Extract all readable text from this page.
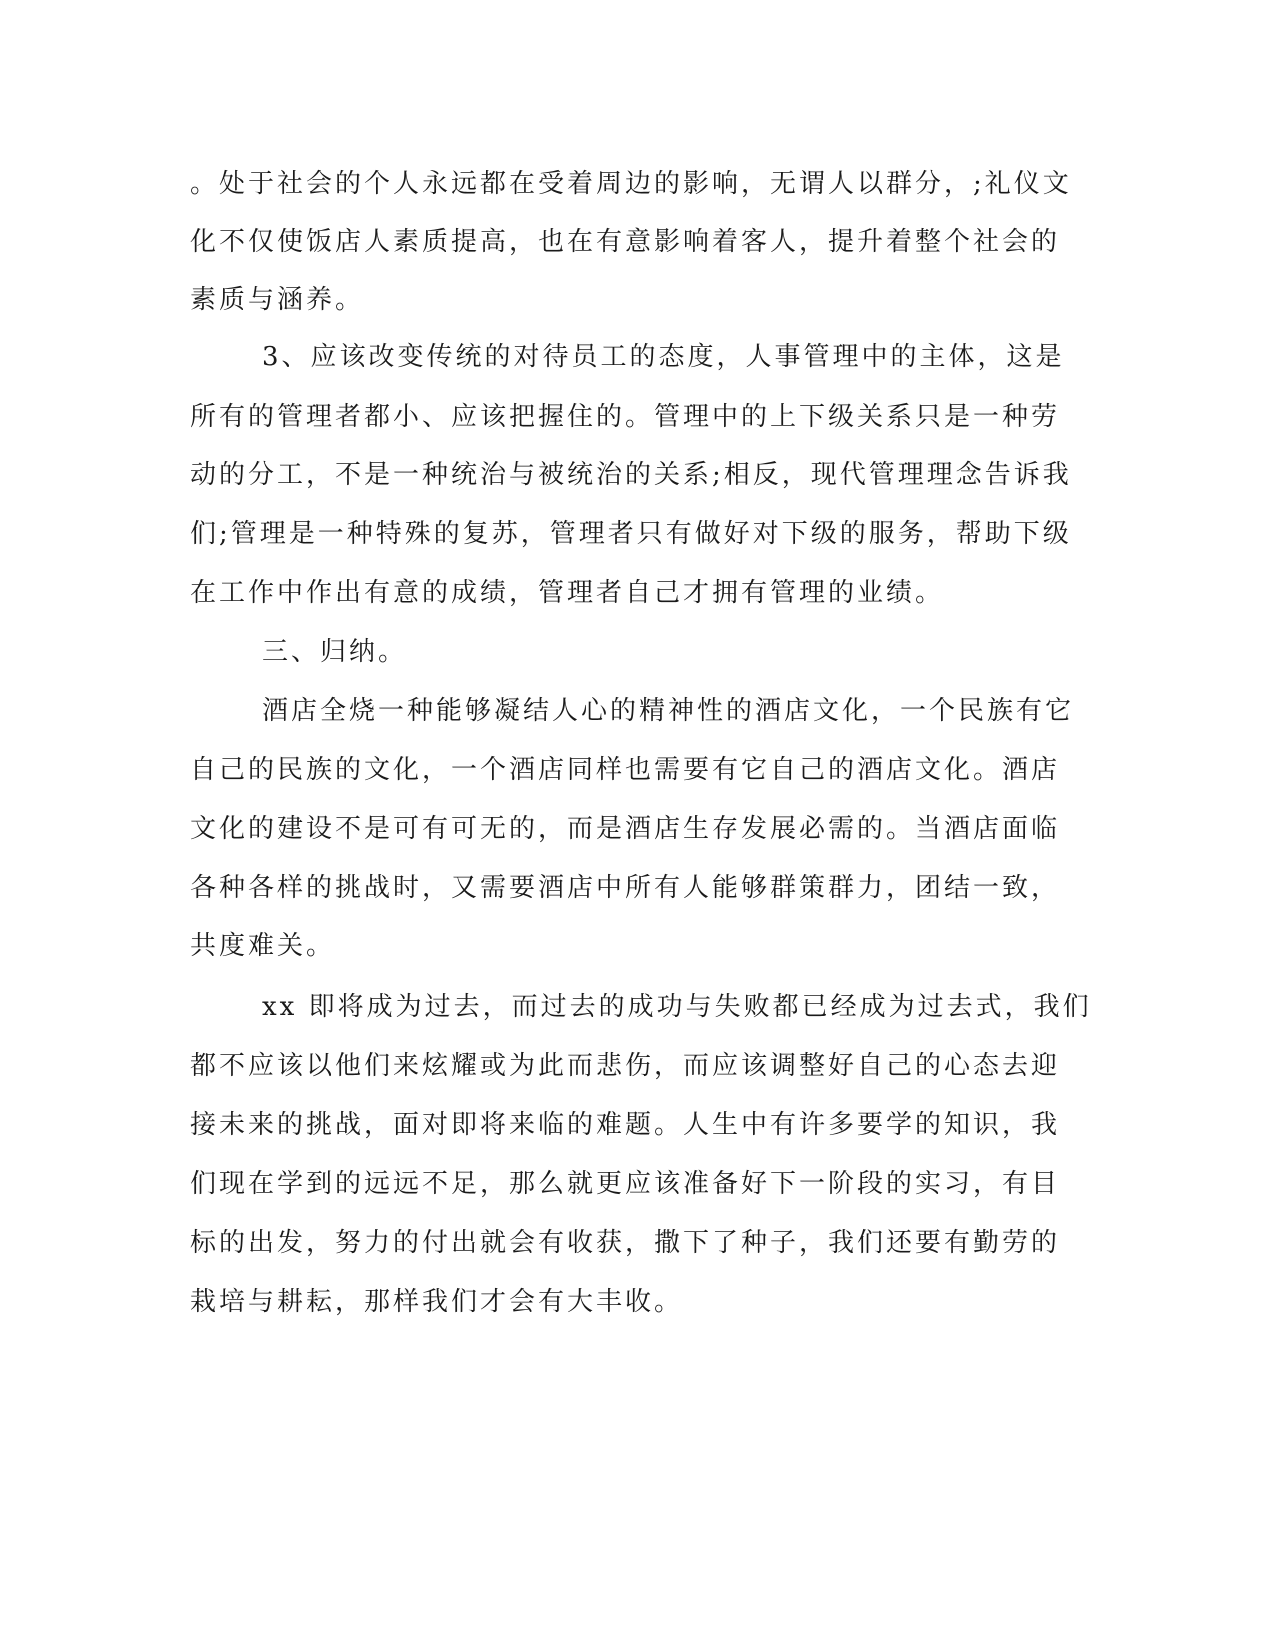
。处于社会的个人永远都在受着周边的影响，无谓人以群分，;礼仪文
化不仅使饭店人素质提高，也在有意影响着客人，提升着整个社会的
素质与涵养。
3、应该改变传统的对待员工的态度，人事管理中的主体，这是
所有的管理者都小、应该把握住的。管理中的上下级关系只是一种劳
动的分工，不是一种统治与被统治的关系;相反，现代管理理念告诉我
们;管理是一种特殊的复苏，管理者只有做好对下级的服务，帮助下级
在工作中作出有意的成绩，管理者自己才拥有管理的业绩。
三、归纳。
酒店全烧一种能够凝结人心的精神性的酒店文化，一个民族有它
自己的民族的文化，一个酒店同样也需要有它自己的酒店文化。酒店
文化的建设不是可有可无的，而是酒店生存发展必需的。当酒店面临
各种各样的挑战时，又需要酒店中所有人能够群策群力，团结一致，
共度难关。
xx 即将成为过去，而过去的成功与失败都已经成为过去式，我们
都不应该以他们来炫耀或为此而悲伤，而应该调整好自己的心态去迎
接未来的挑战，面对即将来临的难题。人生中有许多要学的知识，我
们现在学到的远远不足，那么就更应该准备好下一阶段的实习，有目
标的出发，努力的付出就会有收获，撒下了种子，我们还要有勤劳的
栽培与耕耘，那样我们才会有大丰收。
